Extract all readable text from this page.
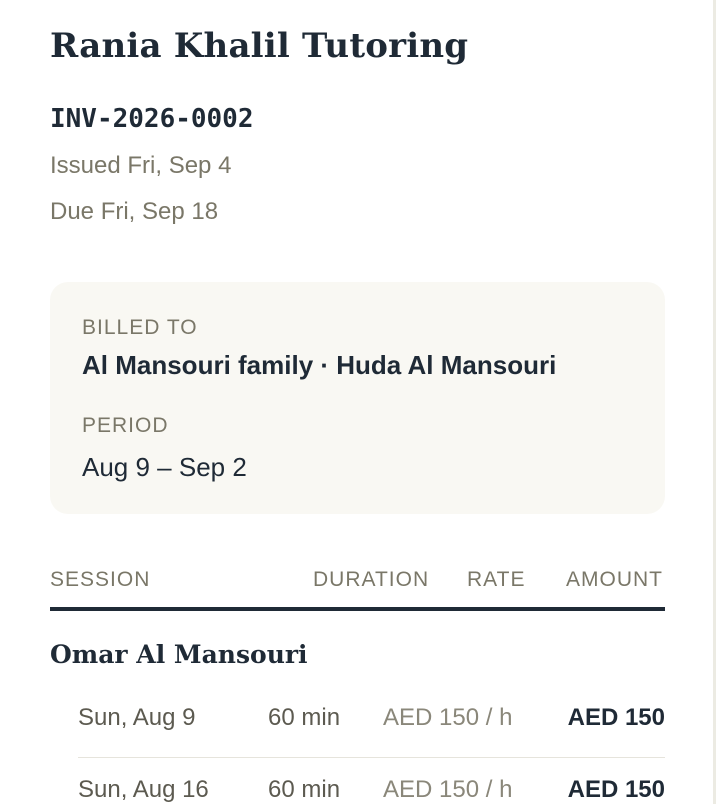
Rania Khalil Tutoring
INV-2026-0002
Issued Fri, Sep 4
Due Fri, Sep 18
BILLED TO
Al Mansouri family · Huda Al Mansouri
PERIOD
Aug 9 – Sep 2
SESSION	DURATION RATE AMOUNT
Omar Al Mansouri
Sun, Aug 9	60 min AED 150 / h AED 150
Sun, Aug 16 60 min AED 150 / h AED 150
